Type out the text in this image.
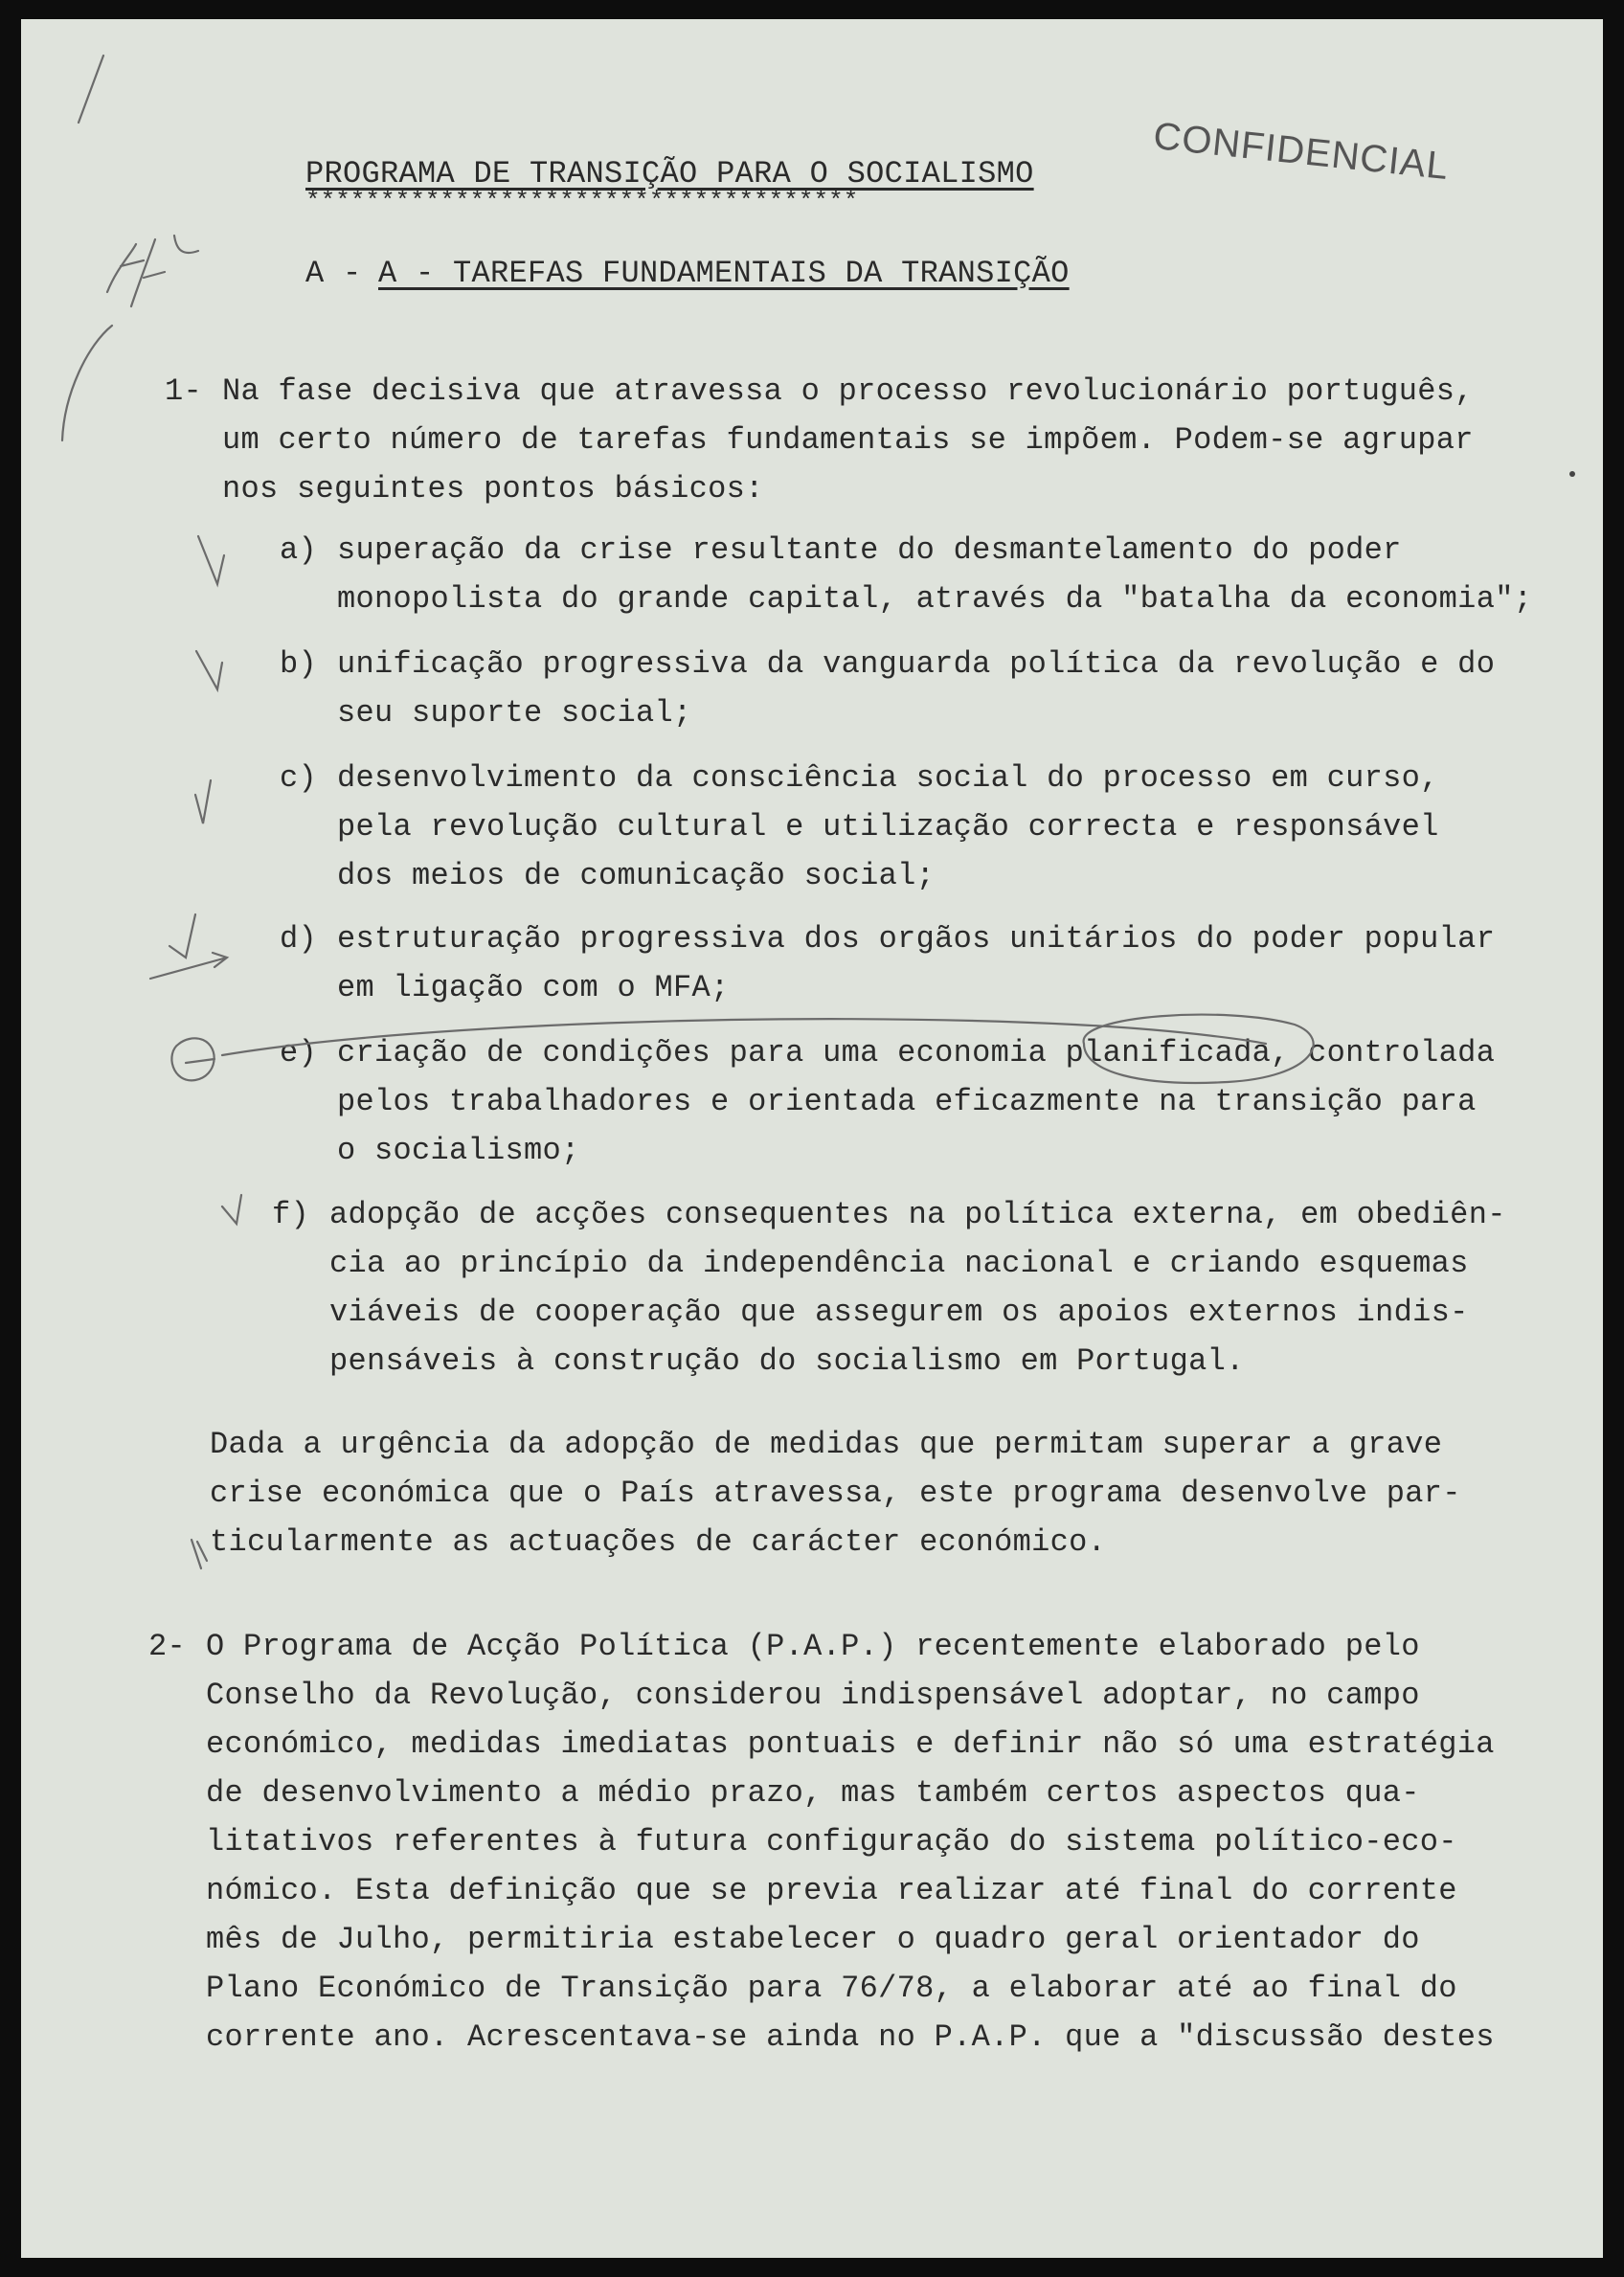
CONFIDENCIAL

PROGRAMA DE TRANSIÇÃO PARA O SOCIALISMO

*************************************

A - A - TAREFAS FUNDAMENTAIS DA TRANSIÇÃO

1- Na fase decisiva que atravessa o processo revolucionário português,

um certo número de tarefas fundamentais se impõem. Podem-se agrupar

nos seguintes pontos básicos:

a) superação da crise resultante do desmantelamento do poder

monopolista do grande capital, através da "batalha da economia";

b) unificação progressiva da vanguarda política da revolução e do

seu suporte social;

c) desenvolvimento da consciência social do processo em curso,

pela revolução cultural e utilização correcta e responsável

dos meios de comunicação social;

d) estruturação progressiva dos orgãos unitários do poder popular

em ligação com o MFA;

e) criação de condições para uma economia planificada, controlada

pelos trabalhadores e orientada eficazmente na transição para

o socialismo;

f) adopção de acções consequentes na política externa, em obediên-

cia ao princípio da independência nacional e criando esquemas

viáveis de cooperação que assegurem os apoios externos indis-

pensáveis à construção do socialismo em Portugal.

Dada a urgência da adopção de medidas que permitam superar a grave

crise económica que o País atravessa, este programa desenvolve par-

ticularmente as actuações de carácter económico.

2- O Programa de Acção Política (P.A.P.) recentemente elaborado pelo

Conselho da Revolução, considerou indispensável adoptar, no campo

económico, medidas imediatas pontuais e definir não só uma estratégia

de desenvolvimento a médio prazo, mas também certos aspectos qua-

litativos referentes à futura configuração do sistema político-eco-

nómico. Esta definição que se previa realizar até final do corrente

mês de Julho, permitiria estabelecer o quadro geral orientador do

Plano Económico de Transição para 76/78, a elaborar até ao final do

corrente ano. Acrescentava-se ainda no P.A.P. que a "discussão destes
